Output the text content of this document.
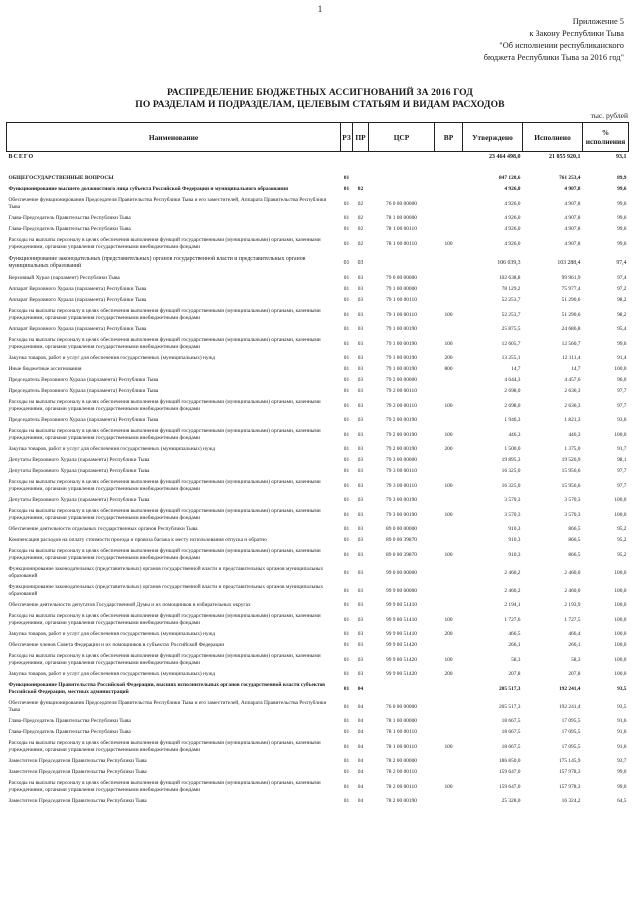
1
Приложение 5
к Закону Республики Тыва
"Об исполнении республиканского
бюджета Республики Тыва за 2016 год"
РАСПРЕДЕЛЕНИЕ БЮДЖЕТНЫХ АССИГНОВАНИЙ ЗА 2016 ГОД
ПО РАЗДЕЛАМ И ПОДРАЗДЕЛАМ, ЦЕЛЕВЫМ СТАТЬЯМ И ВИДАМ РАСХОДОВ
тыс. рублей
Наименование	РЗ	ПР	ЦСР	ВР	Утверждено	Исполнено	%
исполнения

ВСЕГО					23 464 498,0	21 855 920,1	93,1

ОБЩЕГОСУДАРСТВЕННЫЕ ВОПРОСЫ	01				847 120,6	761 253,4	89,9
Функционирование высшего должностного лица субъекта Российской Федерации и муниципального образования	01	02			4 926,0	4 907,8	99,6
Обеспечение функционирования Председателя Правительства Республики Тыва и его заместителей, Аппарата Правительства Республики Тыва	01	02	76 0 00 00000		4 926,0	4 907,8	99,6
Глава-Председатель Правительства Республики Тыва	01	02	78 1 00 00000		4 926,0	4 907,8	99,6
Глава-Председатель Правительства Республики Тыва	01	02	78 1 00 00110		4 926,0	4 907,8	99,6
Расходы на выплаты персоналу в целях обеспечения выполнения функций государственными (муниципальными) органами, казенными учреждениями, органами управления государственными внебюджетными фондами	01	02	78 1 00 00110	100	4 926,0	4 907,8	99,6
Функционирование законодательных (представительных) органов государственной власти и представительных органов муниципальных образований	01	03			106 039,3	103 288,4	97,4
Верховный Хурал (парламент) Республики Тыва	01	03	79 0 00 00000		102 638,8	99 961,9	97,4
Аппарат Верховного Хурала (парламента) Республики Тыва	01	03	79 1 00 00000		78 129,2	75 977,4	97,2
Аппарат Верховного Хурала (парламента) Республики Тыва	01	03	79 1 00 00110		52 253,7	51 290,6	98,2
Расходы на выплаты персоналу в целях обеспечения выполнения функций государственными (муниципальными) органами, казенными учреждениями, органами управления государственными внебюджетными фондами	01	03	79 1 00 00110	100	52 253,7	51 290,6	98,2
Аппарат Верховного Хурала (парламента) Республики Тыва	01	03	79 1 00 00190		25 875,5	24 686,8	95,4
Расходы на выплаты персоналу в целях обеспечения выполнения функций государственными (муниципальными) органами, казенными учреждениями, органами управления государственными внебюджетными фондами	01	03	79 1 00 00190	100	12 605,7	12 560,7	99,6
Закупка товаров, работ и услуг для обеспечения государственных (муниципальных) нужд	01	03	79 1 00 00190	200	13 255,1	12 111,4	91,4
Иные бюджетные ассигнования	01	03	79 1 00 00190	800	14,7	14,7	100,0
Председатель Верховного Хурала (парламента) Республики Тыва	01	03	79 2 00 00000		4 644,3	4 457,6	96,0
Председатель Верховного Хурала (парламента) Республики Тыва	01	03	79 2 00 00110		2 698,0	2 636,3	97,7
Расходы на выплаты персоналу в целях обеспечения выполнения функций государственными (муниципальными) органами, казенными учреждениями, органами управления государственными внебюджетными фондами	01	03	79 2 00 00110	100	2 698,0	2 636,3	97,7
Председатель Верховного Хурала (парламента) Республики Тыва	01	03	79 2 00 00190		1 946,3	1 821,3	93,6
Расходы на выплаты персоналу в целях обеспечения выполнения функций государственными (муниципальными) органами, казенными учреждениями, органами управления государственными внебюджетными фондами	01	03	79 2 00 00190	100	446,3	446,3	100,0
Закупка товаров, работ и услуг для обеспечения государственных (муниципальных) нужд	01	03	79 2 00 00190	200	1 500,0	1 375,0	91,7
Депутаты Верховного Хурала (парламента) Республики Тыва	01	03	79 3 00 00000		19 895,3	19 526,9	98,1
Депутаты Верховного Хурала (парламента) Республики Тыва	01	03	79 3 00 00110		16 325,0	15 956,6	97,7
Расходы на выплаты персоналу в целях обеспечения выполнения функций государственными (муниципальными) органами, казенными учреждениями, органами управления государственными внебюджетными фондами	01	03	79 3 00 00110	100	16 325,0	15 956,6	97,7
Депутаты Верховного Хурала (парламента) Республики Тыва	01	03	79 3 00 00190		3 570,3	3 570,3	100,0
Расходы на выплаты персоналу в целях обеспечения выполнения функций государственными (муниципальными) органами, казенными учреждениями, органами управления государственными внебюджетными фондами	01	03	79 3 00 00190	100	3 570,3	3 570,3	100,0
Обеспечение деятельности отдельных государственных органов Республики Тыва	01	03	89 0 00 00000		910,3	866,5	95,2
Компенсация расходов на оплату стоимости проезда и провоза багажа к месту использования отпуска и обратно	01	03	89 0 00 39870		910,3	866,5	95,2
Расходы на выплаты персоналу в целях обеспечения выполнения функций государственными (муниципальными) органами, казенными учреждениями, органами управления государственными внебюджетными фондами	01	03	89 0 00 39870	100	910,3	866,5	95,2
Функционирование законодательных (представительных) органов государственной власти и представительных органов муниципальных образований	01	03	99 0 00 00000		2 460,2	2 460,0	100,0
Функционирование законодательных (представительных) органов государственной власти и представительных органов муниципальных образований	01	03	99 9 00 00000		2 460,2	2 460,0	100,0
Обеспечение деятельности депутатов Государственной Думы и их помощников в избирательных округах	01	03	99 9 00 51410		2 194,1	2 193,9	100,0
Расходы на выплаты персоналу в целях обеспечения выполнения функций государственными (муниципальными) органами, казенными учреждениями, органами управления государственными внебюджетными фондами	01	03	99 9 00 51410	100	1 727,6	1 727,5	100,0
Закупка товаров, работ и услуг для обеспечения государственных (муниципальных) нужд	01	03	99 9 00 51410	200	466,5	466,4	100,0
Обеспечение членов Совета Федерации и их помощников в субъектах Российской Федерации	01	03	99 9 00 51420		266,1	266,1	100,0
Расходы на выплаты персоналу в целях обеспечения выполнения функций государственными (муниципальными) органами, казенными учреждениями, органами управления государственными внебюджетными фондами	01	03	99 9 00 51420	100	58,3	58,3	100,0
Закупка товаров, работ и услуг для обеспечения государственных (муниципальных) нужд	01	03	99 9 00 51420	200	207,8	207,8	100,0
Функционирование Правительства Российской Федерации, высших исполнительных органов государственной власти субъектов Российской Федерации, местных администраций	01	04			205 517,3	192 241,4	93,5
Обеспечение функционирования Председателя Правительства Республики Тыва и его заместителей, Аппарата Правительства Республики Тыва	01	04	76 0 00 00000		205 517,3	192 241,4	93,5
Глава-Председатель Правительства Республики Тыва	01	04	78 1 00 00000		18 667,5	17 095,5	91,6
Глава-Председатель Правительства Республики Тыва	01	04	78 1 00 00110		18 667,5	17 095,5	91,6
Расходы на выплаты персоналу в целях обеспечения выполнения функций государственными (муниципальными) органами, казенными учреждениями, органами управления государственными внебюджетными фондами	01	04	78 1 00 00110	100	18 667,5	17 095,5	91,6
Заместители Председателя Правительства Республики Тыва	01	04	78 2 00 00000		186 850,0	175 145,9	93,7
Заместители Председателя Правительства Республики Тыва	01	04	78 2 00 00110		159 647,0	157 978,3	99,0
Расходы на выплаты персоналу в целях обеспечения выполнения функций государственными (муниципальными) органами, казенными учреждениями, органами управления государственными внебюджетными фондами	01	04	78 2 00 00110	100	159 647,0	157 978,3	99,0
Заместители Председателя Правительства Республики Тыва	01	04	78 2 00 00190		25 328,0	16 324,2	64,5
